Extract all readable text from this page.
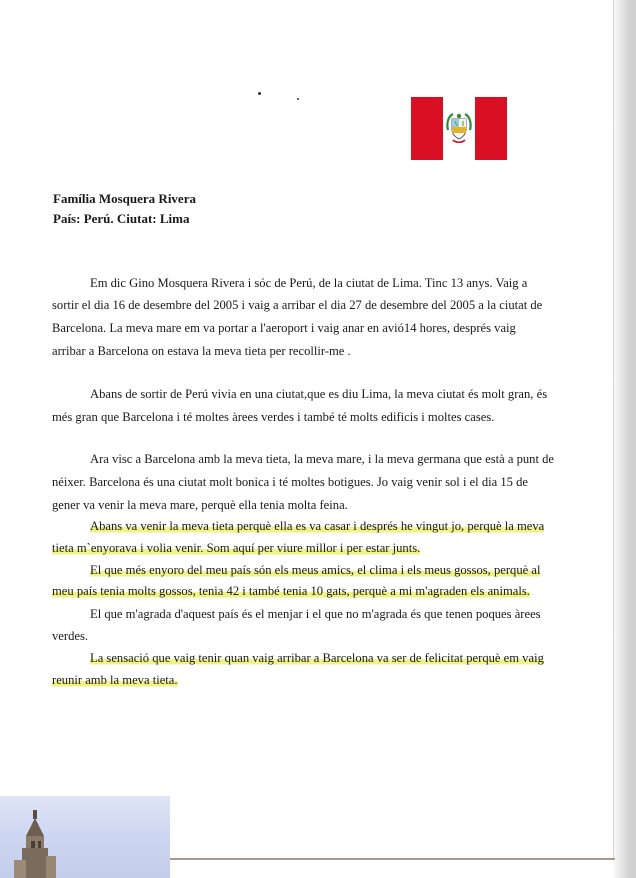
Família Mosquera Rivera
País: Perú. Ciutat: Lima
Em dic Gino Mosquera Rivera i sóc de Perú, de la ciutat de Lima. Tinc 13 anys. Vaig a
sortir el dia 16 de desembre del 2005 i vaig a arribar el dia 27 de desembre del 2005 a la ciutat de
Barcelona. La meva mare em va portar a l'aeroport i vaig anar en avió14 hores, després vaig
arribar a Barcelona on estava la meva tieta per recollir-me .
Abans de sortir de Perú vivia en una ciutat,que es diu Lima, la meva ciutat és molt gran, és
més gran que Barcelona i té moltes àrees verdes i també té molts edificis i moltes cases.
Ara visc a Barcelona amb la meva tieta, la meva mare, i la meva germana que està a punt de
néixer. Barcelona és una ciutat molt bonica i té moltes botigues. Jo vaig venir sol i el dia 15 de
gener va venir la meva mare, perquè ella tenia molta feina.
Abans va venir la meva tieta perquè ella es va casar i després he vingut jo, perquè la meva
tieta m`enyorava i volia venir. Som aquí per viure millor i per estar junts.
El que més enyoro del meu país són els meus amics, el clima i els meus gossos, perquè al
meu país tenia molts gossos, tenia 42 i també tenia 10 gats, perquè a mi m'agraden els animals.
El que m'agrada d'aquest país és el menjar i el que no m'agrada és que tenen poques àrees
verdes.
La sensació que vaig tenir quan vaig arribar a Barcelona va ser de felicitat perquè em vaig
reunir amb la meva tieta.
